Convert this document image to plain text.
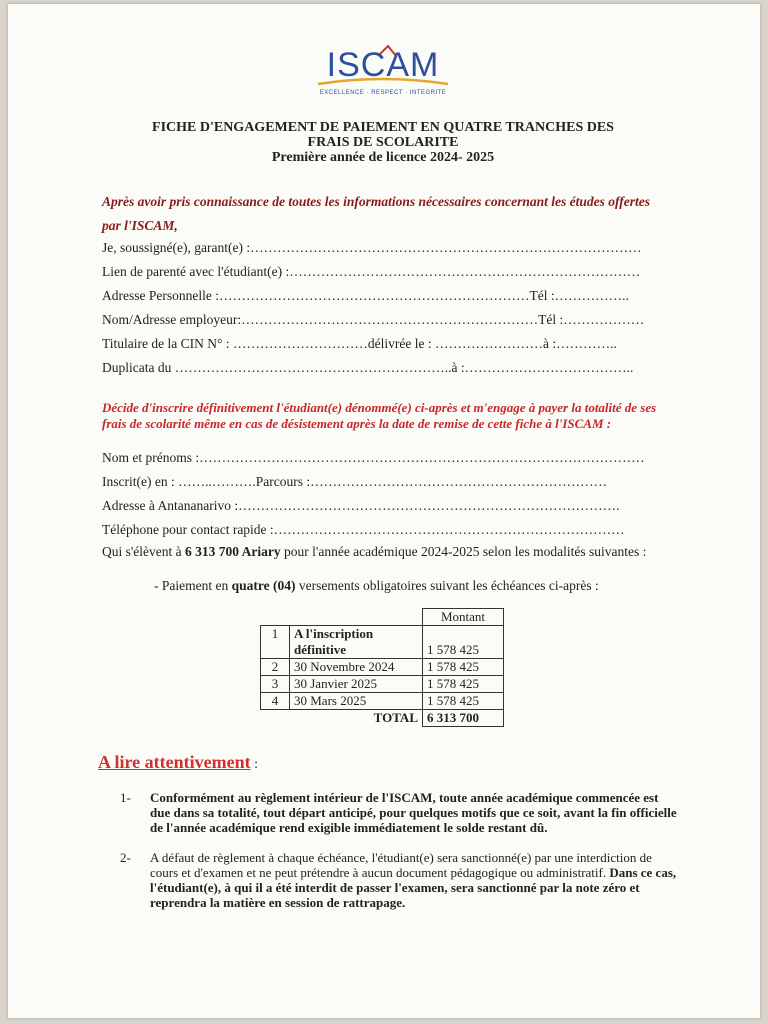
ISCAM
EXCELLENCE · RESPECT · INTEGRITE
FICHE D'ENGAGEMENT DE PAIEMENT EN QUATRE TRANCHES DES
FRAIS DE SCOLARITE
Première année de licence 2024- 2025
Après avoir pris connaissance de toutes les informations nécessaires concernant les études offertes par l'ISCAM,
Je, soussigné(e), garant(e) :……………………………………………………………………………
Lien de parenté avec l'étudiant(e) :……………………………………………………………………
Adresse Personnelle :……………………………………………………………Tél :……………..
Nom/Adresse employeur:…………………………………………………………Tél :………………
Titulaire de la CIN N° : …………………………délivrée le : ……………………à :…………..
Duplicata du ……………………………………………………..à :………………………………..
Décide d'inscrire définitivement l'étudiant(e) dénommé(e) ci-après et m'engage à payer la totalité de ses frais de scolarité même en cas de désistement après la date de remise de cette fiche à l'ISCAM :
Nom et prénoms :………………………………………………………………………………………
Inscrit(e) en : ……..……….Parcours :…………………………………………………………
Adresse à Antananarivo :………………………………………………………………………….
Téléphone pour contact rapide :……………………………………………………………………
Qui s'élèvent à 6 313 700 Ariary pour l'année académique 2024-2025 selon les modalités suivantes :
- Paiement en quatre (04) versements obligatoires suivant les échéances ci-après :
		Montant
1	A l'inscription définitive	1 578 425
2	30 Novembre 2024	1 578 425
3	30 Janvier 2025	1 578 425
4	30 Mars 2025	1 578 425
TOTAL		6 313 700
A lire attentivement :
1- Conformément au règlement intérieur de l'ISCAM, toute année académique commencée est due dans sa totalité, tout départ anticipé, pour quelques motifs que ce soit, avant la fin officielle de l'année académique rend exigible immédiatement le solde restant dû.
2- A défaut de règlement à chaque échéance, l'étudiant(e) sera sanctionné(e) par une interdiction de cours et d'examen et ne peut prétendre à aucun document pédagogique ou administratif. Dans ce cas, l'étudiant(e), à qui il a été interdit de passer l'examen, sera sanctionné par la note zéro et reprendra la matière en session de rattrapage.
